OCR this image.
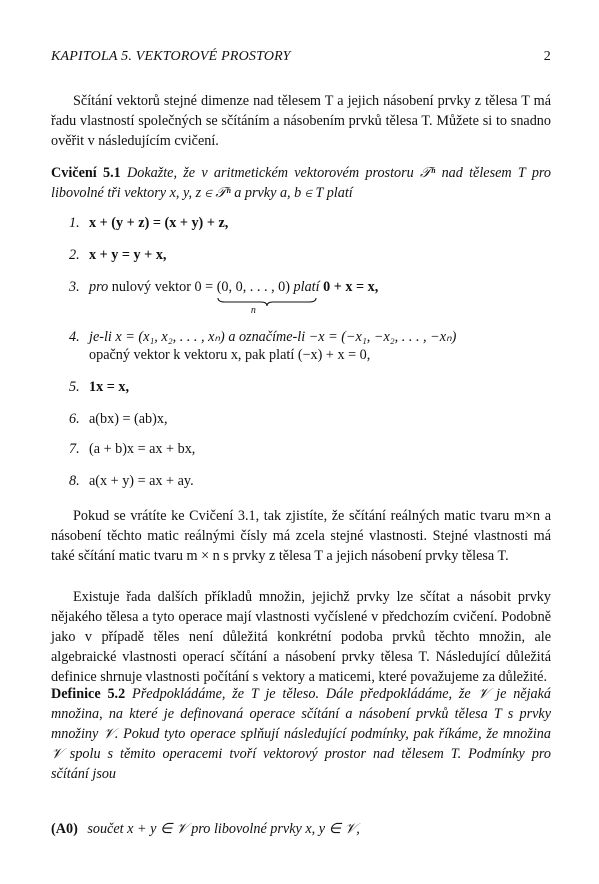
KAPITOLA 5. VEKTOROVÉ PROSTORY	2

Sčítání vektorů stejné dimenze nad tělesem T a jejich násobení prvky z tělesa T má řadu vlastností společných se sčítáním a násobením prvků tělesa T. Můžete si to snadno ověřit v následujícím cvičení.

Cvičení 5.1 Dokažte, že v aritmetickém vektorovém prostoru 𝒯ⁿ nad tělesem T pro libovolné tři vektory x, y, z ∈ 𝒯ⁿ a prvky a, b ∈ T platí

1. x + (y + z) = (x + y) + z,
2. x + y = y + x,
3. pro nulový vektor 0 = (0, 0, . . . , 0)
n
platí 0 + x = x,
4. je-li x = (x₁, x₂, . . . , xₙ) a označíme-li −x = (−x₁, −x₂, . . . , −xₙ)
opačný vektor k vektoru x, pak platí (−x) + x = 0,
5. 1x = x,
6. a(bx) = (ab)x,
7. (a + b)x = ax + bx,
8. a(x + y) = ax + ay.

Pokud se vrátíte ke Cvičení 3.1, tak zjistíte, že sčítání reálných matic tvaru m×n a násobení těchto matic reálnými čísly má zcela stejné vlastnosti. Stejné vlastnosti má také sčítání matic tvaru m × n s prvky z tělesa T a jejich násobení prvky tělesa T.

Existuje řada dalších příkladů množin, jejichž prvky lze sčítat a násobit prvky nějakého tělesa a tyto operace mají vlastnosti vyčíslené v předchozím cvičení. Podobně jako v případě těles není důležitá konkrétní podoba prvků těchto množin, ale algebraické vlastnosti operací sčítání a násobení prvky tělesa T. Následující důležitá definice shrnuje vlastnosti počítání s vektory a maticemi, které považujeme za důležité.

Definice 5.2 Předpokládáme, že T je těleso. Dále předpokládáme, že 𝒱 je nějaká množina, na které je definovaná operace sčítání a násobení prvků tělesa T s prvky množiny 𝒱. Pokud tyto operace splňují následující podmínky, pak říkáme, že množina 𝒱 spolu s těmito operacemi tvoří vektorový prostor nad tělesem T. Podmínky pro sčítání jsou

(A0) součet x + y ∈ 𝒱 pro libovolné prvky x, y ∈ 𝒱,
